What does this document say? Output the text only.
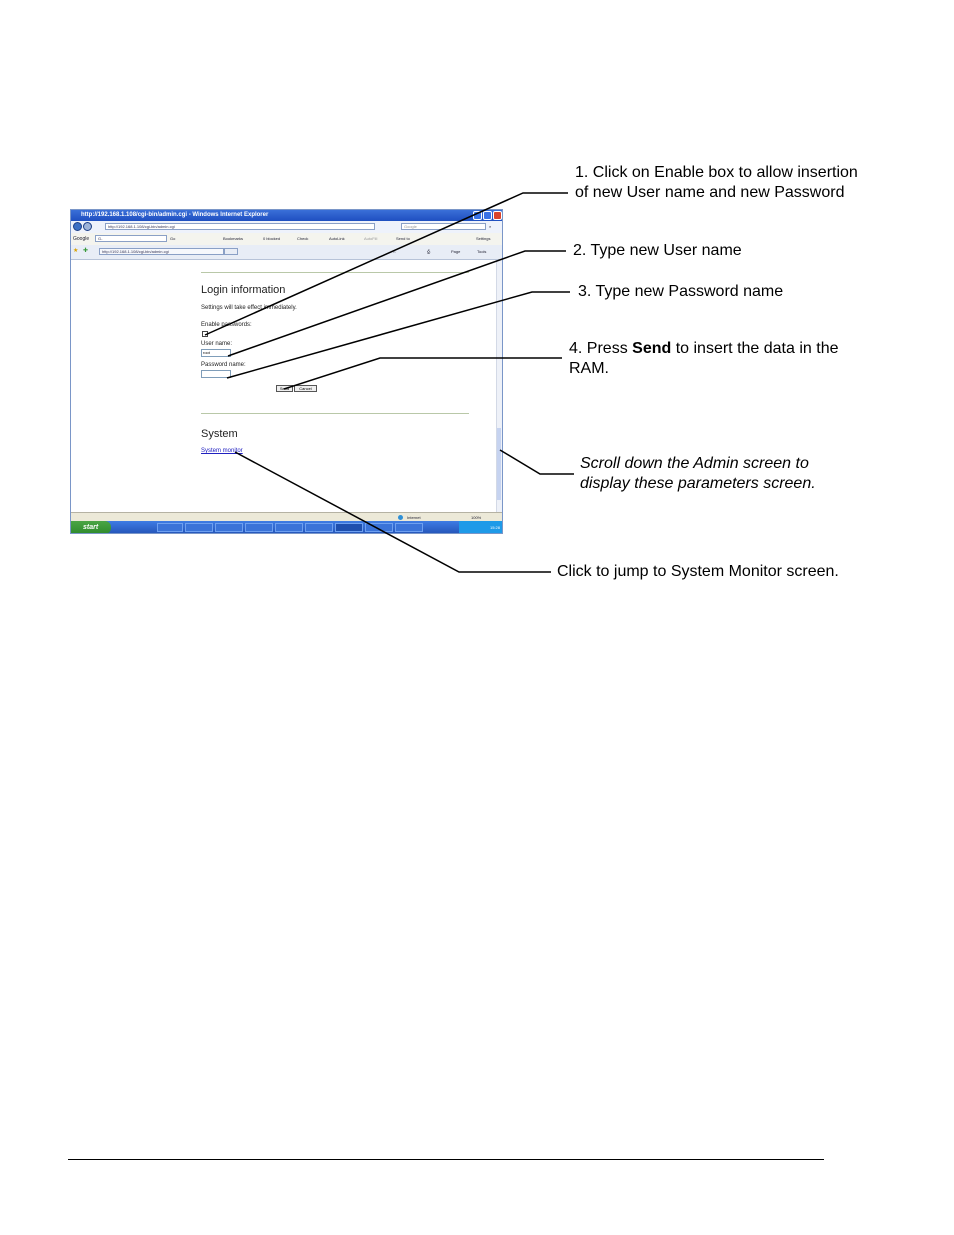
http://192.168.1.108/cgi-bin/admin.cgi - Windows Internet Explorer
http://192.168.1.108/cgi-bin/admin.cgi	Google	⌕
Google	G-	Go	Bookmarks	0 blocked	Check	AutoLink	AutoFill	Send to	Settings
★ ✚	http://192.168.1.108/cgi-bin/admin.cgi	⌂	⎙	Page	Tools
Login information
Settings will take effect immediately.
Enable passwords:
User name:
root
Password name:
Send	Cancel
System
System monitor
Internet	100%
start	15:28
1. Click on Enable box to allow insertion of new User name and new Password
2. Type new User name
3. Type new Password name
4. Press Send to insert the data in the RAM.
Scroll down the Admin screen to display these parameters screen.
Click to jump to System Monitor screen.
